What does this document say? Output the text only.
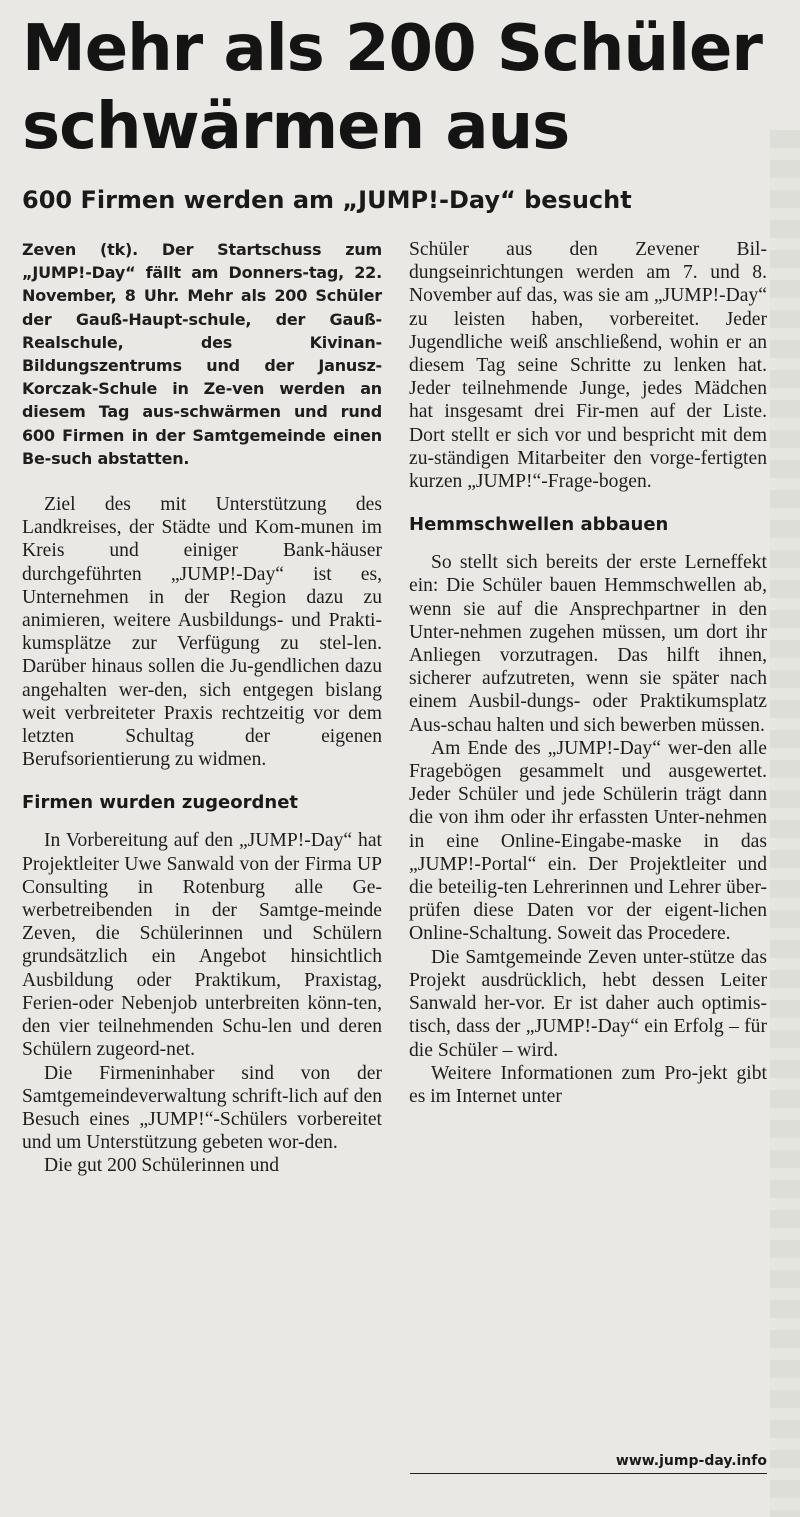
Mehr als 200 Schüler
schwärmen aus
600 Firmen werden am „JUMP!-Day“ besucht

Zeven (tk). Der Startschuss zum „JUMP!-Day“ fällt am Donners-tag, 22. November, 8 Uhr. Mehr als 200 Schüler der Gauß-Haupt-schule, der Gauß-Realschule, des Kivinan-Bildungszentrums und der Janusz-Korczak-Schule in Ze-ven werden an diesem Tag aus-schwärmen und rund 600 Firmen in der Samtgemeinde einen Be-such abstatten.

Ziel des mit Unterstützung des Landkreises, der Städte und Kom-munen im Kreis und einiger Bank-häuser durchgeführten „JUMP!-Day“ ist es, Unternehmen in der Region dazu zu animieren, weitere Ausbildungs- und Prakti-kumsplätze zur Verfügung zu stel-len. Darüber hinaus sollen die Ju-gendlichen dazu angehalten wer-den, sich entgegen bislang weit verbreiteter Praxis rechtzeitig vor dem letzten Schultag der eigenen Berufsorientierung zu widmen.

Firmen wurden zugeordnet

In Vorbereitung auf den „JUMP!-Day“ hat Projektleiter Uwe Sanwald von der Firma UP Consulting in Rotenburg alle Ge-werbetreibenden in der Samtge-meinde Zeven, die Schülerinnen und Schülern grundsätzlich ein Angebot hinsichtlich Ausbildung oder Praktikum, Praxistag, Ferien-oder Nebenjob unterbreiten könn-ten, den vier teilnehmenden Schu-len und deren Schülern zugeord-net.

Die Firmeninhaber sind von der Samtgemeindeverwaltung schrift-lich auf den Besuch eines „JUMP!“-Schülers vorbereitet und um Unterstützung gebeten wor-den.

Die gut 200 Schülerinnen und

Schüler aus den Zevener Bil-dungseinrichtungen werden am 7. und 8. November auf das, was sie am „JUMP!-Day“ zu leisten haben, vorbereitet. Jeder Jugendliche weiß anschließend, wohin er an diesem Tag seine Schritte zu lenken hat. Jeder teilnehmende Junge, jedes Mädchen hat insgesamt drei Fir-men auf der Liste. Dort stellt er sich vor und bespricht mit dem zu-ständigen Mitarbeiter den vorge-fertigten kurzen „JUMP!“-Frage-bogen.

Hemmschwellen abbauen

So stellt sich bereits der erste Lerneffekt ein: Die Schüler bauen Hemmschwellen ab, wenn sie auf die Ansprechpartner in den Unter-nehmen zugehen müssen, um dort ihr Anliegen vorzutragen. Das hilft ihnen, sicherer aufzutreten, wenn sie später nach einem Ausbil-dungs- oder Praktikumsplatz Aus-schau halten und sich bewerben müssen.

Am Ende des „JUMP!-Day“ wer-den alle Fragebögen gesammelt und ausgewertet. Jeder Schüler und jede Schülerin trägt dann die von ihm oder ihr erfassten Unter-nehmen in eine Online-Eingabe-maske in das „JUMP!-Portal“ ein. Der Projektleiter und die beteilig-ten Lehrerinnen und Lehrer über-prüfen diese Daten vor der eigent-lichen Online-Schaltung. Soweit das Procedere.

Die Samtgemeinde Zeven unter-stütze das Projekt ausdrücklich, hebt dessen Leiter Sanwald her-vor. Er ist daher auch optimis-tisch, dass der „JUMP!-Day“ ein Erfolg – für die Schüler – wird.

Weitere Informationen zum Pro-jekt gibt es im Internet unter

www.jump-day.info
